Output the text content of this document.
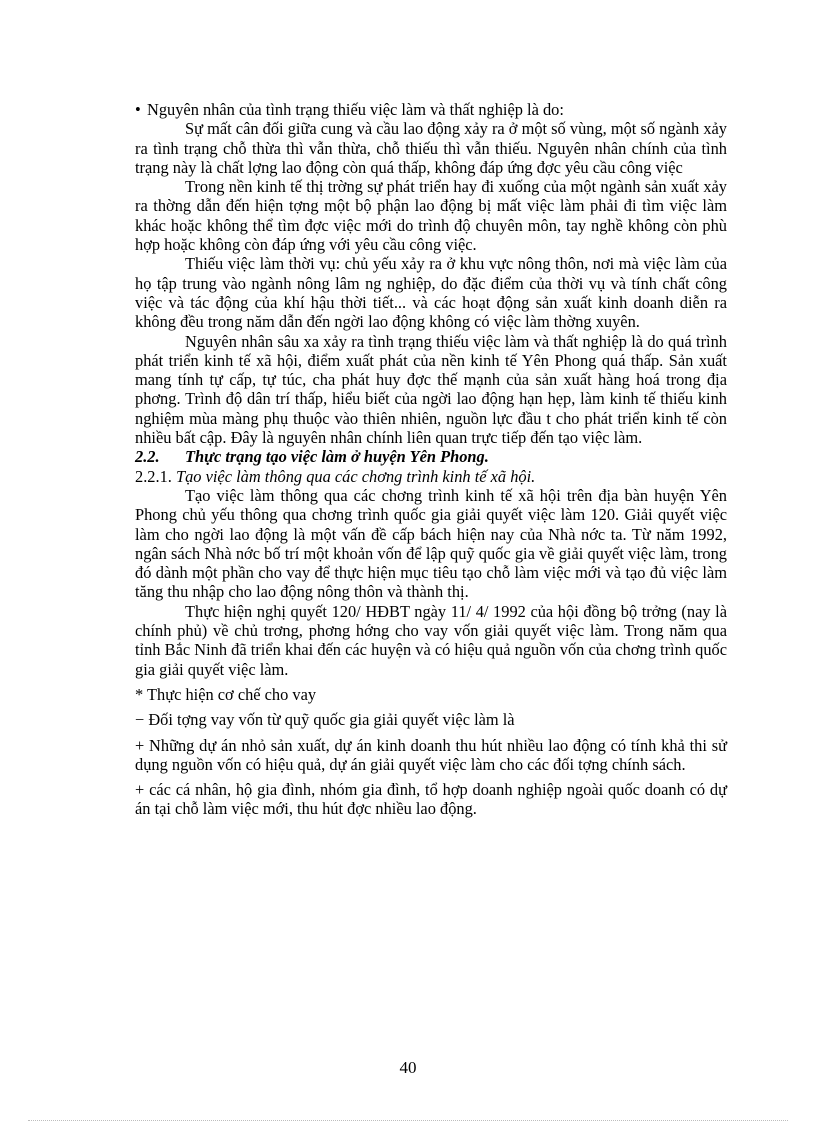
• Nguyên nhân của tình trạng thiếu việc làm và thất nghiệp là do:

Sự mất cân đối giữa cung và cầu lao động xảy ra ở một số vùng, một số ngành xảy ra tình trạng chỗ thừa thì vẫn thừa, chỗ thiếu thì vẫn thiếu. Nguyên nhân chính của tình trạng này là chất lợng lao động còn quá thấp, không đáp ứng đợc yêu cầu công việc

Trong nền kinh tế thị trờng sự phát triển hay đi xuống của một ngành sản xuất xảy ra thờng dẫn đến hiện tợng một bộ phận lao động bị mất việc làm phải đi tìm việc làm khác hoặc không thể tìm đợc việc mới do trình độ chuyên môn, tay nghề không còn phù hợp hoặc không còn đáp ứng với yêu cầu công việc.

Thiếu việc làm thời vụ: chủ yếu xảy ra ở khu vực nông thôn, nơi mà việc làm của họ tập trung vào ngành nông lâm ng nghiệp, do đặc điểm của thời vụ và tính chất công việc và tác động của khí hậu thời tiết... và các hoạt động sản xuất kinh doanh diễn ra không đều trong năm dẫn đến ngời lao động không có việc làm thờng xuyên.

Nguyên nhân sâu xa xảy ra tình trạng thiếu việc làm và thất nghiệp là do quá trình phát triển kinh tế xã hội, điểm xuất phát của nền kinh tế Yên Phong quá thấp. Sản xuất mang tính tự cấp, tự túc, cha phát huy đợc thế mạnh của sản xuất hàng hoá trong địa phơng. Trình độ dân trí thấp, hiểu biết của ngời lao động hạn hẹp, làm kinh tế thiếu kinh nghiệm mùa màng phụ thuộc vào thiên nhiên, nguồn lực đầu t cho phát triển kinh tế còn nhiều bất cập. Đây là nguyên nhân chính liên quan trực tiếp đến tạo việc làm.

2.2. Thực trạng tạo việc làm ở huyện Yên Phong.

2.2.1. Tạo việc làm thông qua các chơng trình kinh tế xã hội.

Tạo việc làm thông qua các chơng trình kinh tế xã hội trên địa bàn huyện Yên Phong chủ yếu thông qua chơng trình quốc gia giải quyết việc làm 120. Giải quyết việc làm cho ngời lao động là một vấn đề cấp bách hiện nay của Nhà nớc ta. Từ năm 1992, ngân sách Nhà nớc bố trí một khoản vốn để lập quỹ quốc gia về giải quyết việc làm, trong đó dành một phần cho vay để thực hiện mục tiêu tạo chỗ làm việc mới và tạo đủ việc làm tăng thu nhập cho lao động nông thôn và thành thị.

Thực hiện nghị quyết 120/ HĐBT ngày 11/ 4/ 1992 của hội đồng bộ trởng (nay là chính phủ) về chủ trơng, phơng hớng cho vay vốn giải quyết việc làm. Trong năm qua tỉnh Bắc Ninh đã triển khai đến các huyện và có hiệu quả nguồn vốn của chơng trình quốc gia giải quyết việc làm.

* Thực hiện cơ chế cho vay

− Đối tợng vay vốn từ quỹ quốc gia giải quyết việc làm là

+ Những dự án nhỏ sản xuất, dự án kinh doanh thu hút nhiều lao động có tính khả thi sử dụng nguồn vốn có hiệu quả, dự án giải quyết việc làm cho các đối tợng chính sách.

+ các cá nhân, hộ gia đình, nhóm gia đình, tổ hợp doanh nghiệp ngoài quốc doanh có dự án tại chỗ làm việc mới, thu hút đợc nhiều lao động.

40
